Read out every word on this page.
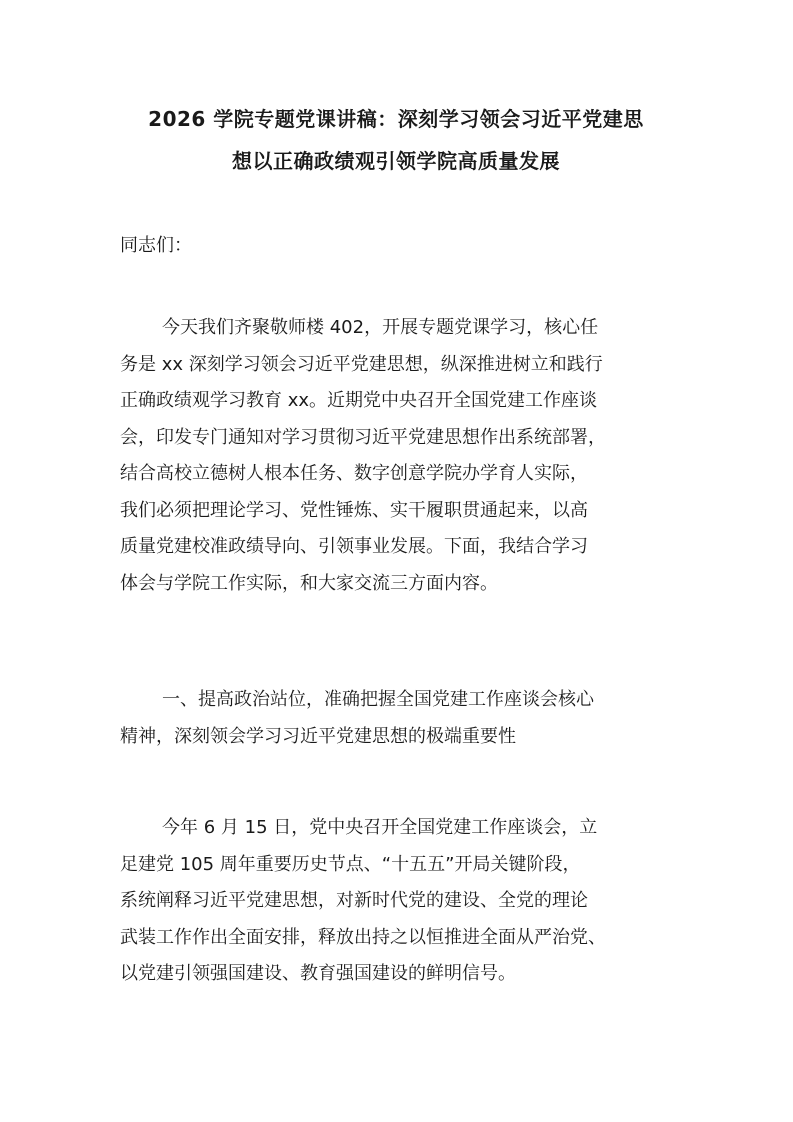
2026 学院专题党课讲稿：深刻学习领会习近平党建思
想以正确政绩观引领学院高质量发展
同志们：
今天我们齐聚敬师楼 402，开展专题党课学习，核心任
务是 xx 深刻学习领会习近平党建思想，纵深推进树立和践行
正确政绩观学习教育 xx。近期党中央召开全国党建工作座谈
会，印发专门通知对学习贯彻习近平党建思想作出系统部署，
结合高校立德树人根本任务、数字创意学院办学育人实际，
我们必须把理论学习、党性锤炼、实干履职贯通起来，以高
质量党建校准政绩导向、引领事业发展。下面，我结合学习
体会与学院工作实际，和大家交流三方面内容。
一、提高政治站位，准确把握全国党建工作座谈会核心
精神，深刻领会学习习近平党建思想的极端重要性
今年 6 月 15 日，党中央召开全国党建工作座谈会，立
足建党 105 周年重要历史节点、“十五五”开局关键阶段，
系统阐释习近平党建思想，对新时代党的建设、全党的理论
武装工作作出全面安排，释放出持之以恒推进全面从严治党、
以党建引领强国建设、教育强国建设的鲜明信号。
